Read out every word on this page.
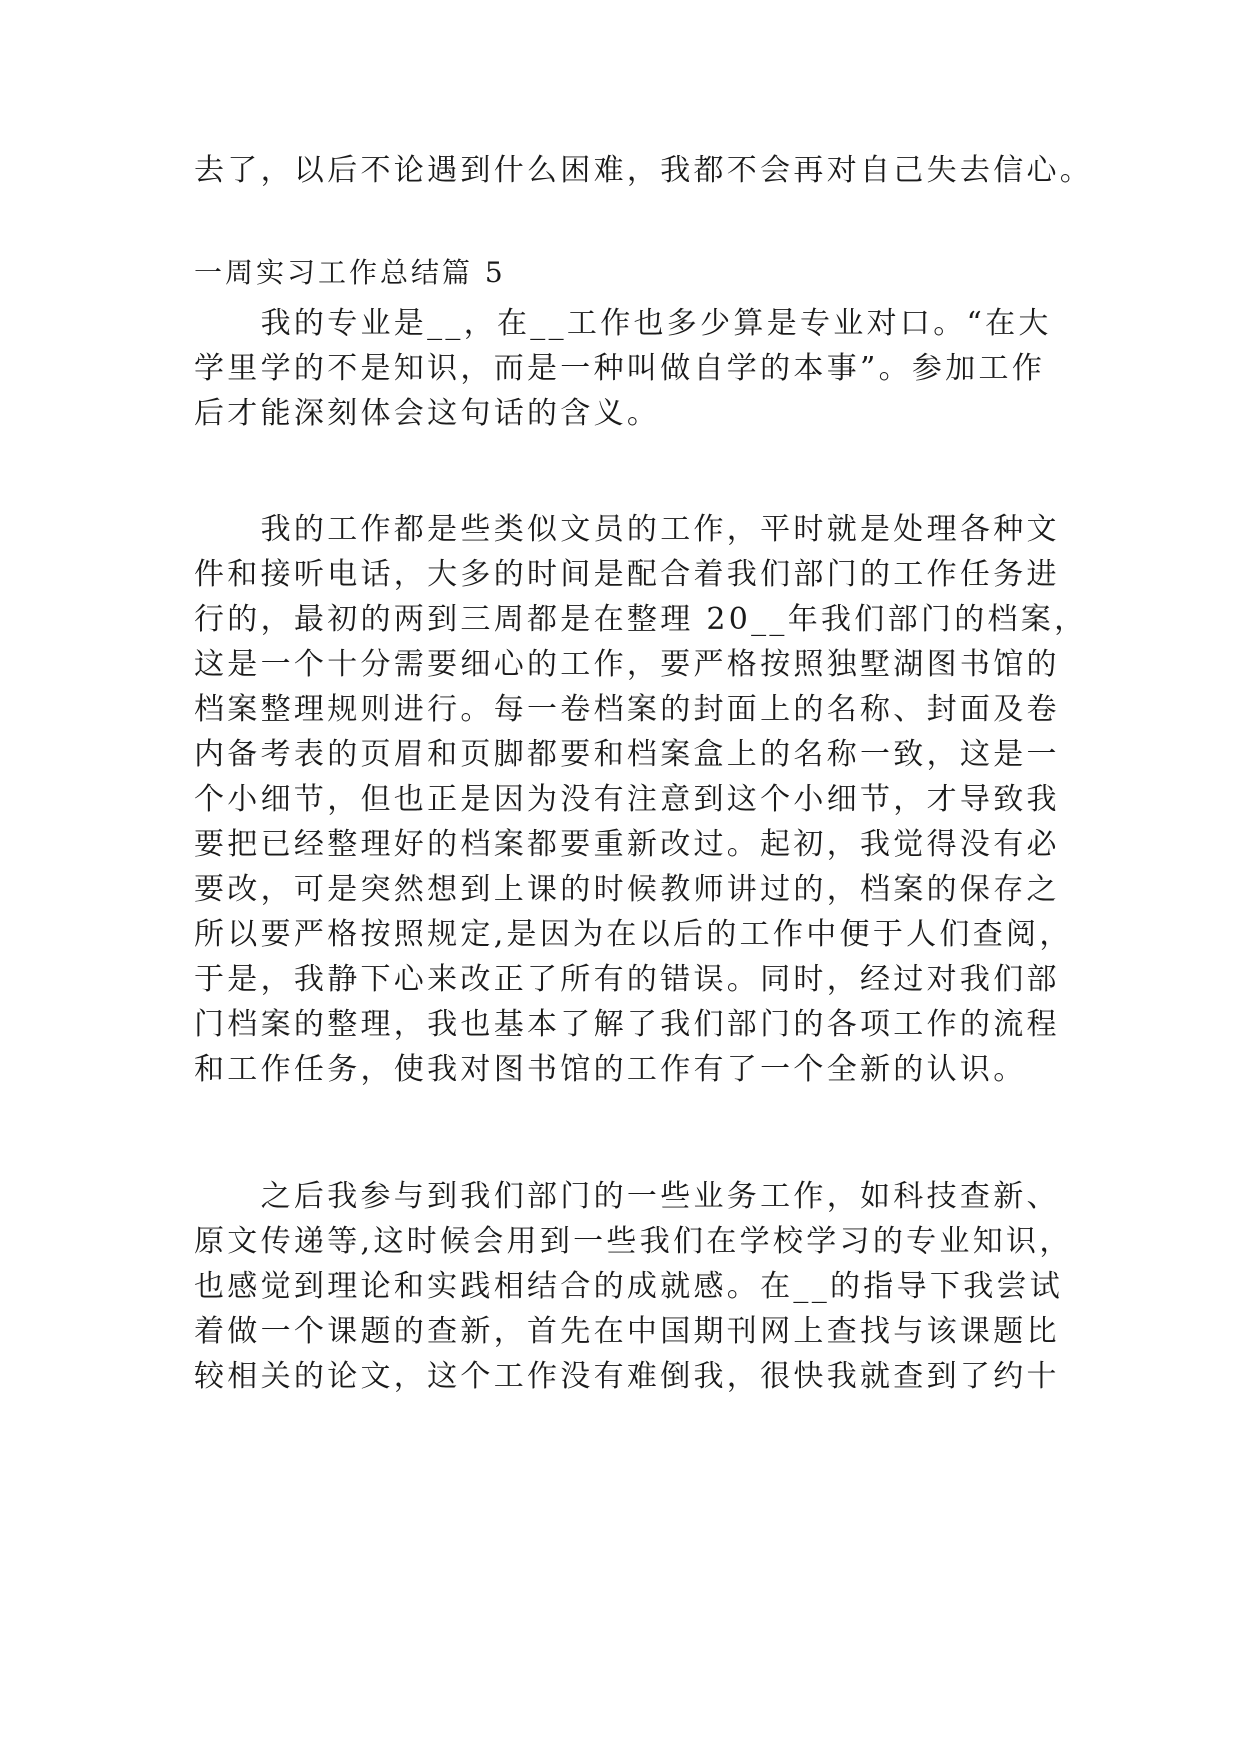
去了，以后不论遇到什么困难，我都不会再对自己失去信心。
一周实习工作总结篇 5
　　我的专业是__，在__工作也多少算是专业对口。“在大
学里学的不是知识，而是一种叫做自学的本事”。参加工作
后才能深刻体会这句话的含义。
　　我的工作都是些类似文员的工作，平时就是处理各种文
件和接听电话，大多的时间是配合着我们部门的工作任务进
行的，最初的两到三周都是在整理 20__年我们部门的档案，
这是一个十分需要细心的工作，要严格按照独墅湖图书馆的
档案整理规则进行。每一卷档案的封面上的名称、封面及卷
内备考表的页眉和页脚都要和档案盒上的名称一致，这是一
个小细节，但也正是因为没有注意到这个小细节，才导致我
要把已经整理好的档案都要重新改过。起初，我觉得没有必
要改，可是突然想到上课的时候教师讲过的，档案的保存之
所以要严格按照规定,是因为在以后的工作中便于人们查阅，
于是，我静下心来改正了所有的错误。同时，经过对我们部
门档案的整理，我也基本了解了我们部门的各项工作的流程
和工作任务，使我对图书馆的工作有了一个全新的认识。
　　之后我参与到我们部门的一些业务工作，如科技查新、
原文传递等,这时候会用到一些我们在学校学习的专业知识，
也感觉到理论和实践相结合的成就感。在__的指导下我尝试
着做一个课题的查新，首先在中国期刊网上查找与该课题比
较相关的论文，这个工作没有难倒我，很快我就查到了约十
